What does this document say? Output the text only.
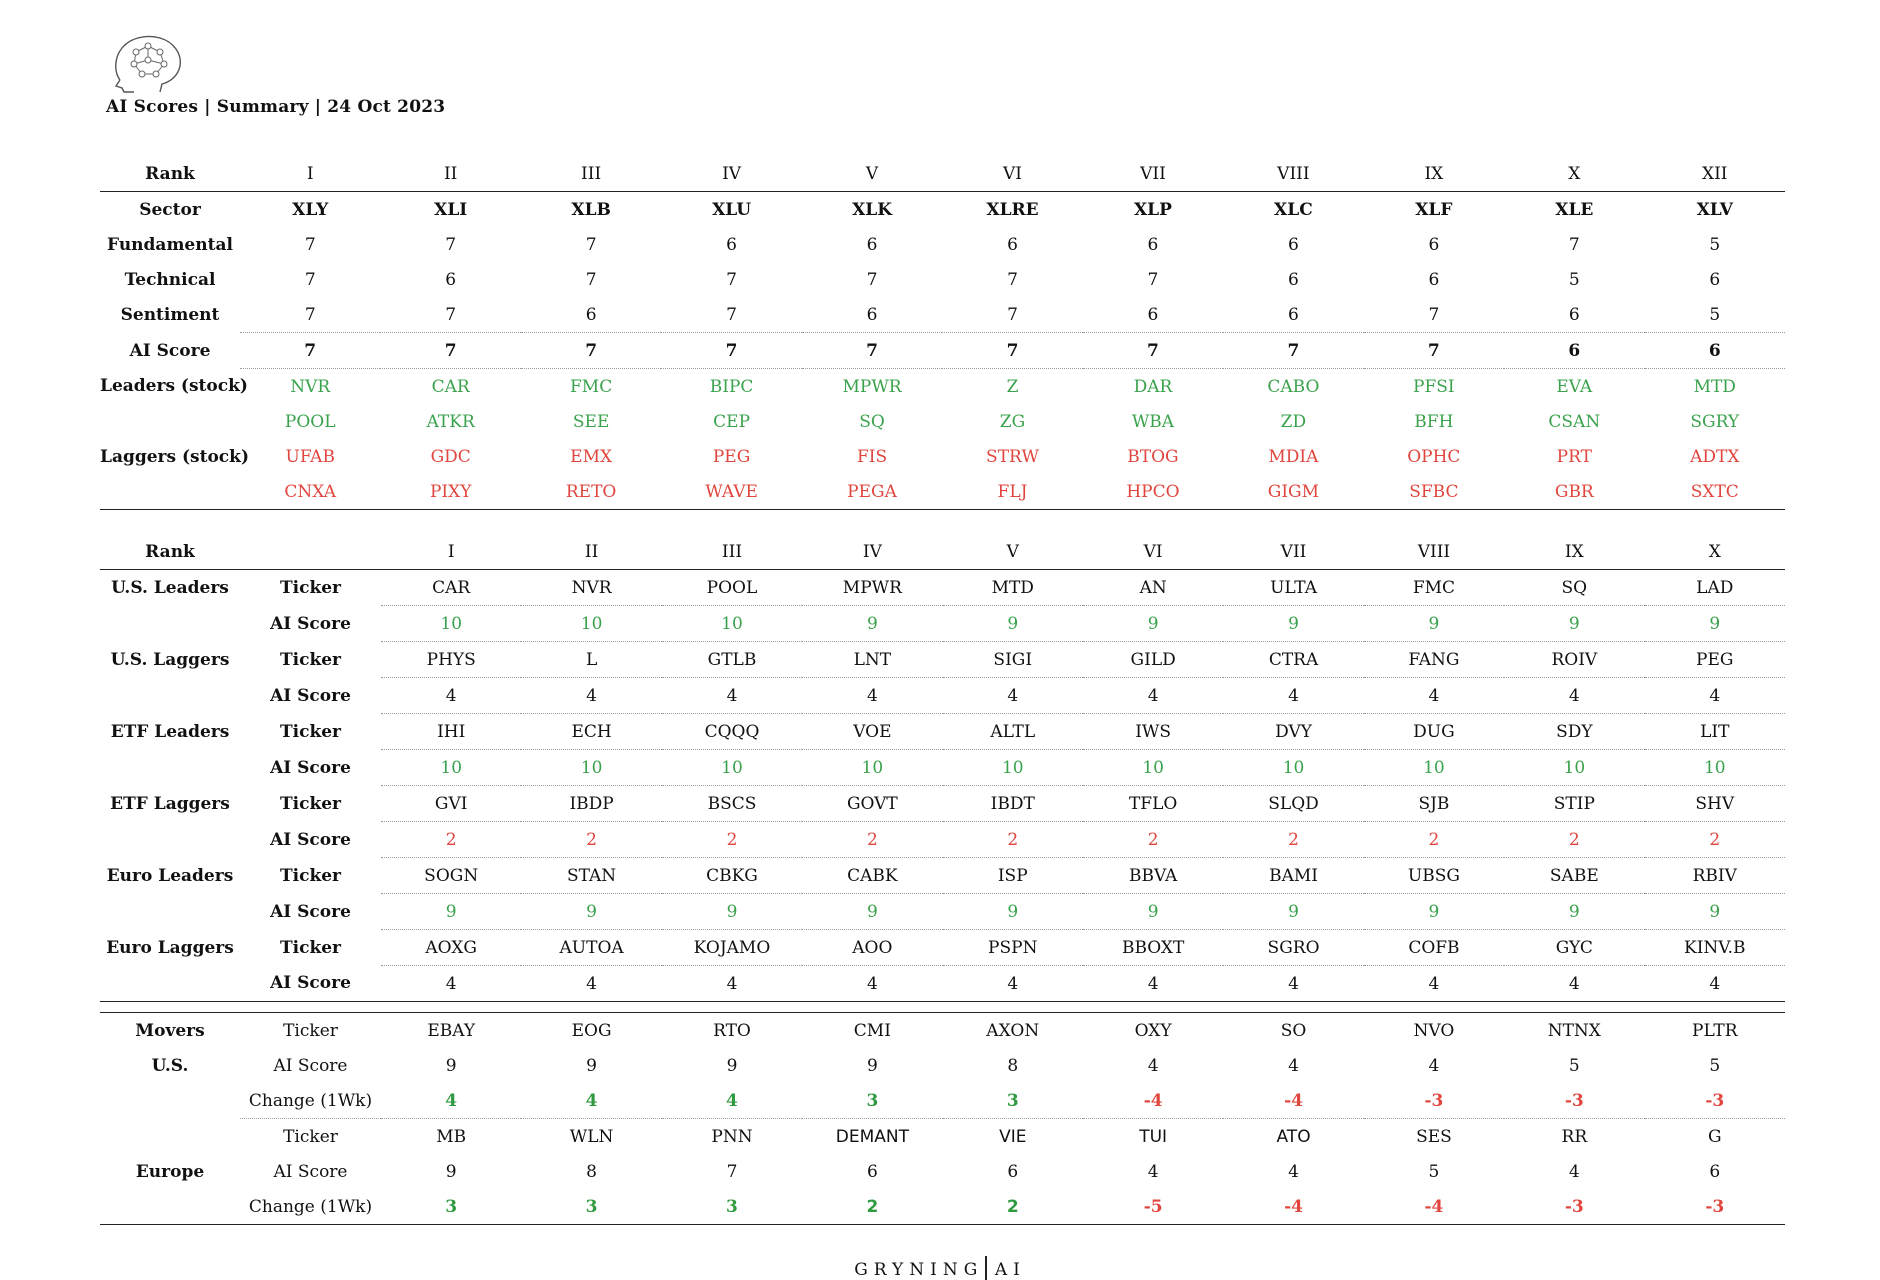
AI Scores | Summary | 24 Oct 2023
Rank	I	II	III	IV	V	VI	VII	VIII	IX	X	XII
Sector	XLY	XLI	XLB	XLU	XLK	XLRE	XLP	XLC	XLF	XLE	XLV
Fundamental	7	7	7	6	6	6	6	6	6	7	5
Technical	7	6	7	7	7	7	7	6	6	5	6
Sentiment	7	7	6	7	6	7	6	6	7	6	5
AI Score	7	7	7	7	7	7	7	7	7	6	6
Leaders (stock)	NVR	CAR	FMC	BIPC	MPWR	Z	DAR	CABO	PFSI	EVA	MTD
	POOL	ATKR	SEE	CEP	SQ	ZG	WBA	ZD	BFH	CSAN	SGRY
Laggers (stock)	UFAB	GDC	EMX	PEG	FIS	STRW	BTOG	MDIA	OPHC	PRT	ADTX
	CNXA	PIXY	RETO	WAVE	PEGA	FLJ	HPCO	GIGM	SFBC	GBR	SXTC
Rank		I	II	III	IV	V	VI	VII	VIII	IX	X
U.S. Leaders	Ticker	CAR	NVR	POOL	MPWR	MTD	AN	ULTA	FMC	SQ	LAD
	AI Score	10	10	10	9	9	9	9	9	9	9
U.S. Laggers	Ticker	PHYS	L	GTLB	LNT	SIGI	GILD	CTRA	FANG	ROIV	PEG
	AI Score	4	4	4	4	4	4	4	4	4	4
ETF Leaders	Ticker	IHI	ECH	CQQQ	VOE	ALTL	IWS	DVY	DUG	SDY	LIT
	AI Score	10	10	10	10	10	10	10	10	10	10
ETF Laggers	Ticker	GVI	IBDP	BSCS	GOVT	IBDT	TFLO	SLQD	SJB	STIP	SHV
	AI Score	2	2	2	2	2	2	2	2	2	2
Euro Leaders	Ticker	SOGN	STAN	CBKG	CABK	ISP	BBVA	BAMI	UBSG	SABE	RBIV
	AI Score	9	9	9	9	9	9	9	9	9	9
Euro Laggers	Ticker	AOXG	AUTOA	KOJAMO	AOO	PSPN	BBOXT	SGRO	COFB	GYC	KINV.B
	AI Score	4	4	4	4	4	4	4	4	4	4
Movers	Ticker	EBAY	EOG	RTO	CMI	AXON	OXY	SO	NVO	NTNX	PLTR
U.S.	AI Score	9	9	9	9	8	4	4	4	5	5
	Change (1Wk)	4	4	4	3	3	-4	-4	-3	-3	-3
	Ticker	MB	WLN	PNN	DEMANT	VIE	TUI	ATO	SES	RR	G
Europe	AI Score	9	8	7	6	6	4	4	5	4	6
	Change (1Wk)	3	3	3	2	2	-5	-4	-4	-3	-3
GRYNING AI
